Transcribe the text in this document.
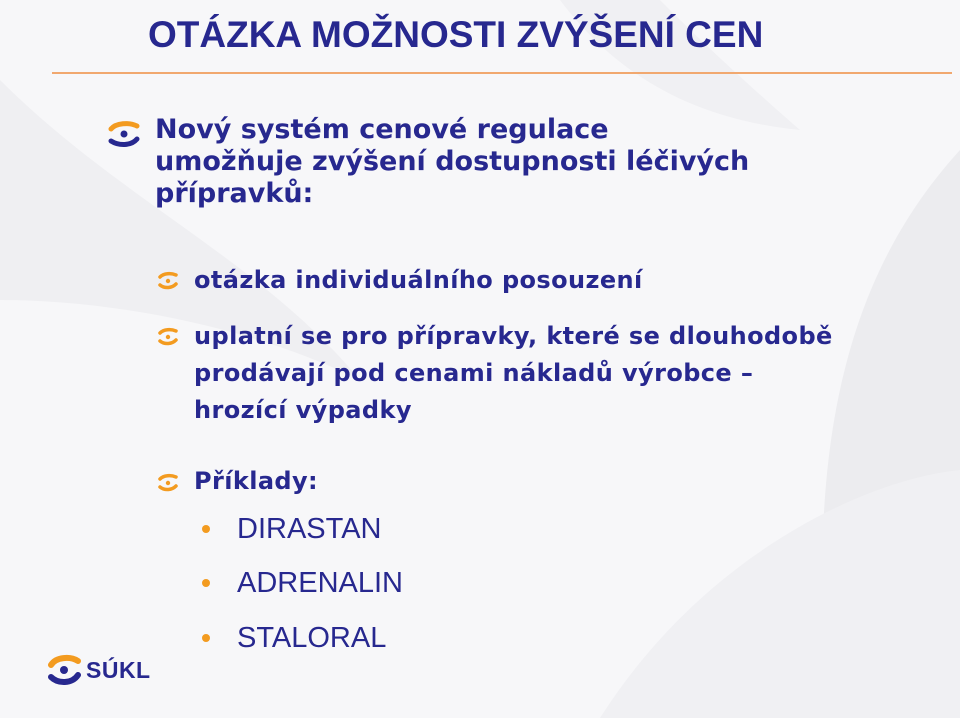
OTÁZKA MOŽNOSTI ZVÝŠENÍ CEN
Nový systém cenové regulace
umožňuje zvýšení dostupnosti léčivých
přípravků:
otázka individuálního posouzení
uplatní se pro přípravky, které se dlouhodobě
prodávají pod cenami nákladů výrobce –
hrozící výpadky
Příklady:
DIRASTAN
ADRENALIN
STALORAL
SÚKL
